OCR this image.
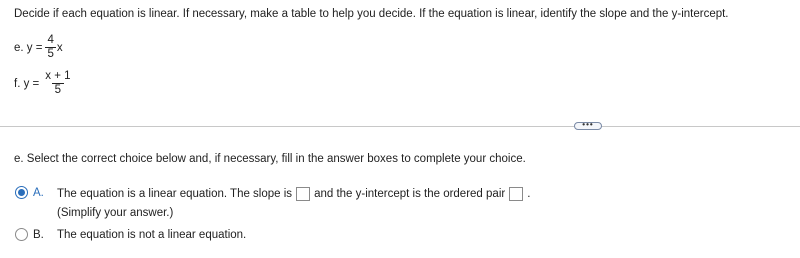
Decide if each equation is linear. If necessary, make a table to help you decide. If the equation is linear, identify the slope and the y-intercept.
e. $y = \frac{4}{5}$ x
f. $y = \frac{x + 1}{5}$
•••
e. Select the correct choice below and, if necessary, fill in the answer boxes to complete your choice.
A.	The equation is a linear equation. The slope is and the y-intercept is the ordered pair .
(Simplify your answer.)
B.	The equation is not a linear equation.
